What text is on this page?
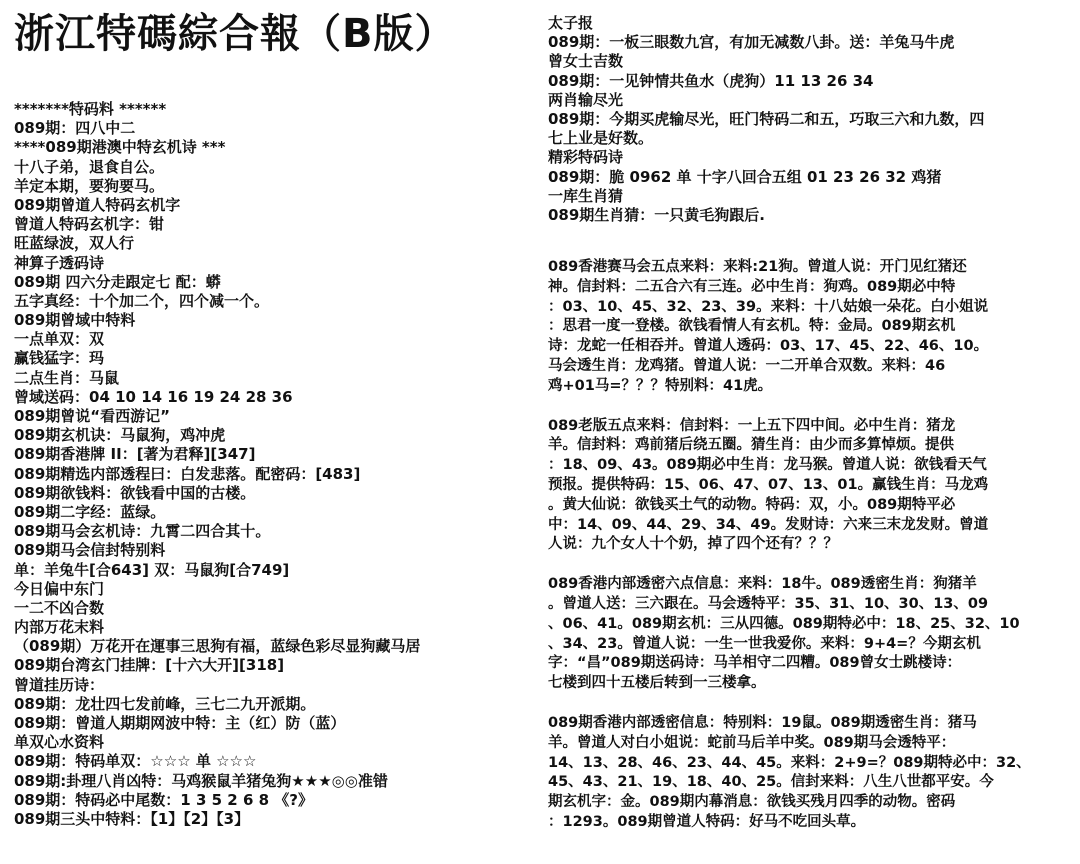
浙江特碼綜合報（B版）
*******特码料 ******
089期：四八中二
****089期港澳中特玄机诗 ***
十八子弟，退食自公。
羊定本期，要狗要马。
089期曾道人特码玄机字
曾道人特码玄机字：钳
旺蓝绿波，双人行
神算子透码诗
089期 四六分走跟定七 配：蟒
五字真经：十个加二个，四个减一个。
089期曾域中特料
一点单双：双
赢钱猛字：玛
二点生肖：马鼠
曾域送码：04 10 14 16 19 24 28 36
089期曾说“看西游记”
089期玄机诀：马鼠狗，鸡冲虎
089期香港牌 II：[著为君释][347]
089期精选内部透程曰：白发悲落。配密码：[483]
089期欲钱料：欲钱看中国的古楼。
089期二字经：蓝绿。
089期马会玄机诗：九霄二四合其十。
089期马会信封特别料
单：羊兔牛[合643] 双：马鼠狗[合749]
今日偏中东门
一二不凶合数
内部万花末料
（089期）万花开在運事三思狗有福，蓝绿色彩尽显狗藏马居
089期台湾玄门挂牌：[十六大开][318]
曾道挂历诗：
089期：龙壮四七发前峰，三七二九开派期。
089期：曾道人期期网波中特：主（红）防（蓝）
单双心水资料
089期：特码单双：☆☆☆ 单 ☆☆☆
089期:卦理八肖凶特：马鸡猴鼠羊猪兔狗★★★◎◎准错
089期：特码必中尾数：1 3 5 2 6 8 《?》
089期三头中特料：【1】【2】【3】
太子报
089期：一板三眼数九宫，有加无减数八卦。送：羊兔马牛虎
曾女士吉数
089期：一见钟情共鱼水（虎狗）11 13 26 34
两肖输尽光
089期：今期买虎输尽光，旺门特码二和五，巧取三六和九数，四
七上业是好数。
精彩特码诗
089期：脆 0962 单 十字八回合五组 01 23 26 32 鸡猪
一库生肖猜
089期生肖猜：一只黄毛狗跟后.
089香港赛马会五点来料：来料:21狗。曾道人说：开门见红猪还
神。信封料：二五合六有三连。必中生肖：狗鸡。089期必中特
：03、10、45、32、23、39。来料：十八姑娘一朵花。白小姐说
：思君一度一登楼。欲钱看情人有玄机。特：金局。089期玄机
诗：龙蛇一任相吞并。曾道人透码：03、17、45、22、46、10。
马会透生肖：龙鸡猪。曾道人说：一二开单合双数。来料：46
鸡+01马=？？？特别料：41虎。
089老版五点来料：信封料：一上五下四中间。必中生肖：猪龙
羊。信封料：鸡前猪后绕五圈。猜生肖：由少而多算悼烦。提供
：18、09、43。089期必中生肖：龙马猴。曾道人说：欲钱看天气
预报。提供特码：15、06、47、07、13、01。赢钱生肖：马龙鸡
。黄大仙说：欲钱买土气的动物。特码：双，小。089期特平必
中：14、09、44、29、34、49。发财诗：六来三末龙发财。曾道
人说：九个女人十个奶，掉了四个还有？？？
089香港内部透密六点信息：来料：18牛。089透密生肖：狗猪羊
。曾道人送：三六跟在。马会透特平：35、31、10、30、13、09
、06、41。089期玄机：三从四德。089期特必中：18、25、32、10
、34、23。曾道人说：一生一世我爱你。来料：9+4=？今期玄机
字：“昌”089期送码诗：马羊相守二四糟。089曾女士跳楼诗：
七楼到四十五楼后转到一三楼拿。
089期香港内部透密信息：特别料：19鼠。089期透密生肖：猪马
羊。曾道人对白小姐说：蛇前马后羊中奖。089期马会透特平：
14、13、28、46、23、44、45。来料：2+9=？089期特必中：32、
45、43、21、19、18、40、25。信封来料：八生八世都平安。今
期玄机字：金。089期内幕消息：欲钱买残月四季的动物。密码
：1293。089期曾道人特码：好马不吃回头草。
